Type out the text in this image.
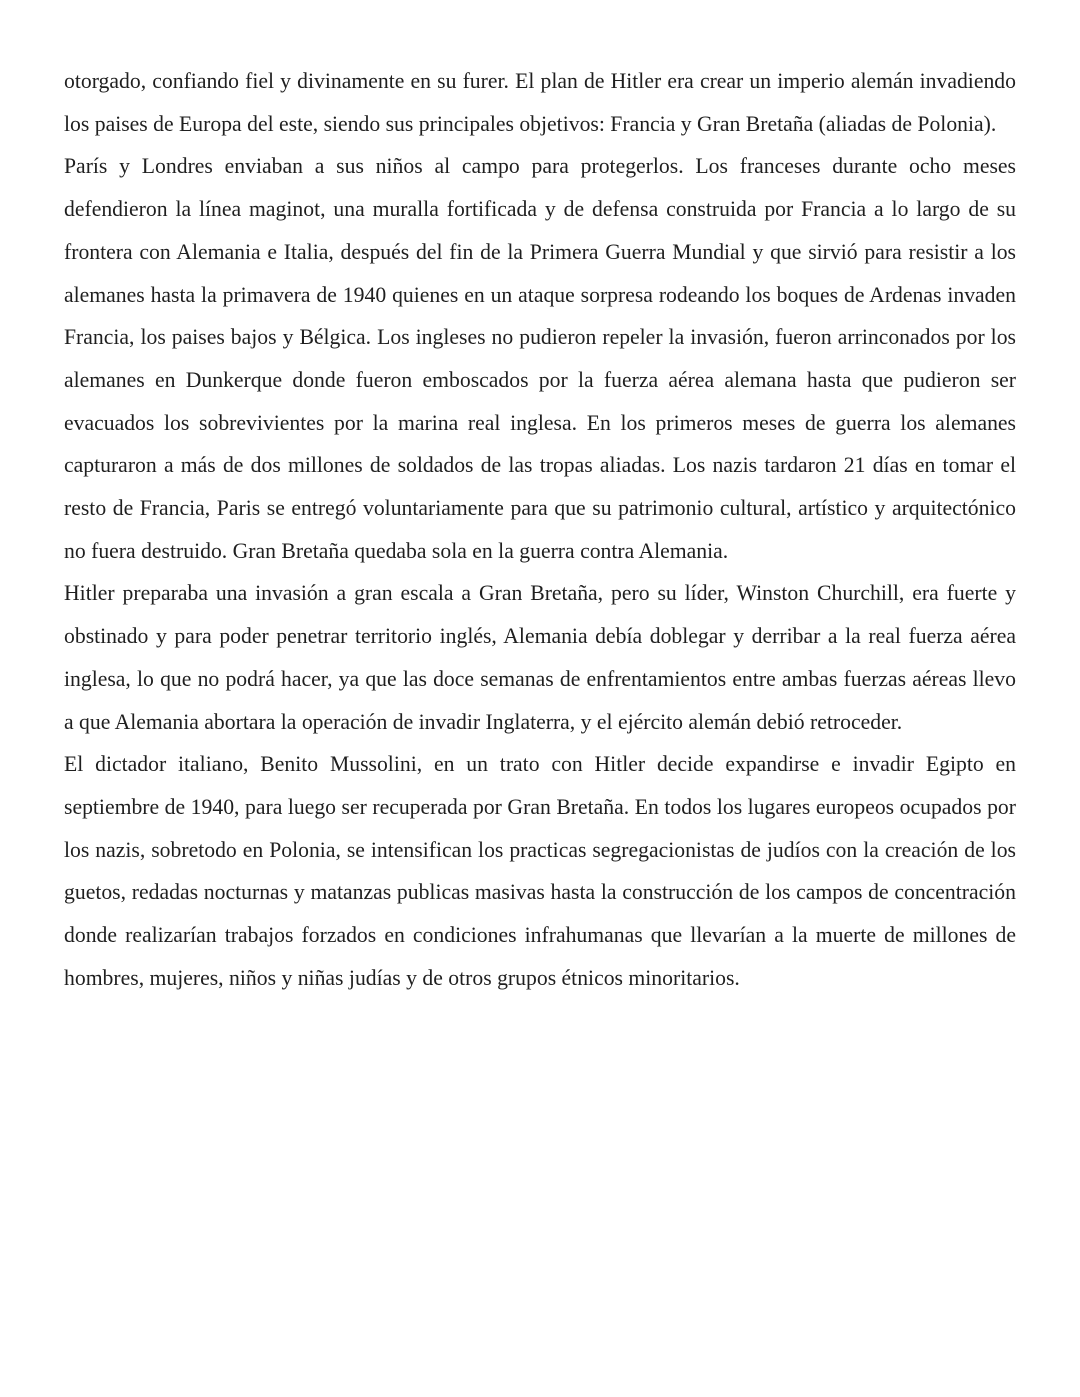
otorgado, confiando fiel y divinamente en su furer. El plan de Hitler era crear un imperio alemán invadiendo los paises de Europa del este, siendo sus principales objetivos: Francia y Gran Bretaña (aliadas de Polonia).

París y Londres enviaban a sus niños al campo para protegerlos. Los franceses durante ocho meses defendieron la línea maginot, una muralla fortificada y de defensa construida por Francia a lo largo de su frontera con Alemania e Italia, después del fin de la Primera Guerra Mundial y que sirvió para resistir a los alemanes hasta la primavera de 1940 quienes en un ataque sorpresa rodeando los boques de Ardenas invaden Francia, los paises bajos y Bélgica. Los ingleses no pudieron repeler la invasión, fueron arrinconados por los alemanes en Dunkerque donde fueron emboscados por la fuerza aérea alemana hasta que pudieron ser evacuados los sobrevivientes por la marina real inglesa. En los primeros meses de guerra los alemanes capturaron a más de dos millones de soldados de las tropas aliadas. Los nazis tardaron 21 días en tomar el resto de Francia, Paris se entregó voluntariamente para que su patrimonio cultural, artístico y arquitectónico no fuera destruido. Gran Bretaña quedaba sola en la guerra contra Alemania.

Hitler preparaba una invasión a gran escala a Gran Bretaña, pero su líder, Winston Churchill, era fuerte y obstinado y para poder penetrar territorio inglés, Alemania debía doblegar y derribar a la real fuerza aérea inglesa, lo que no podrá hacer, ya que las doce semanas de enfrentamientos entre ambas fuerzas aéreas llevo a que Alemania abortara la operación de invadir Inglaterra, y el ejército alemán debió retroceder.

El dictador italiano, Benito Mussolini, en un trato con Hitler decide expandirse e invadir Egipto en septiembre de 1940, para luego ser recuperada por Gran Bretaña. En todos los lugares europeos ocupados por los nazis, sobretodo en Polonia, se intensifican los practicas segregacionistas de judíos con la creación de los guetos, redadas nocturnas y matanzas publicas masivas hasta la construcción de los campos de concentración donde realizarían trabajos forzados en condiciones infrahumanas que llevarían a la muerte de millones de hombres, mujeres, niños y niñas judías y de otros grupos étnicos minoritarios.
